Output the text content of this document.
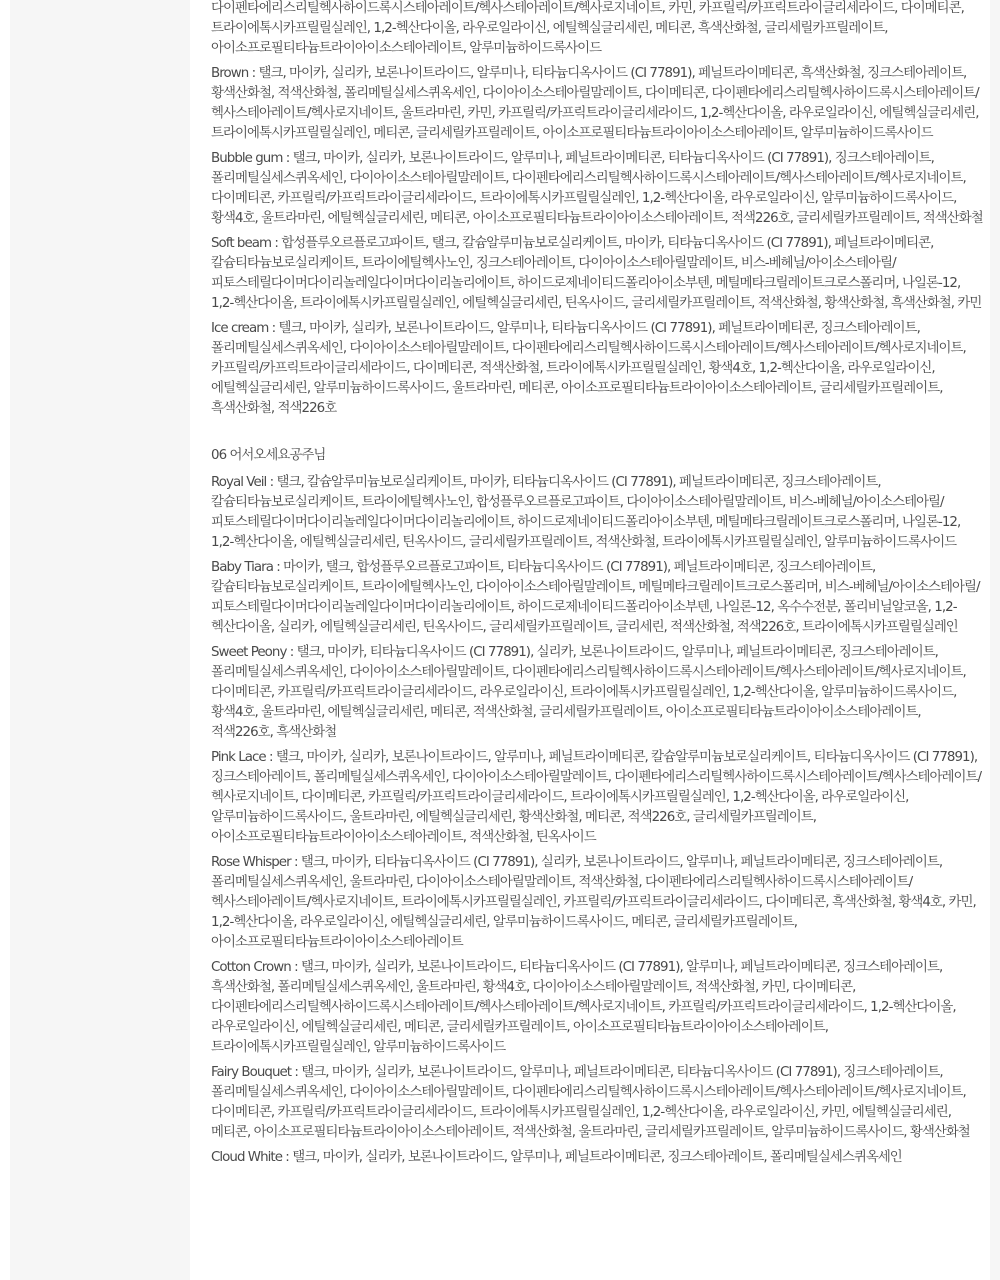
다이펜타에리스리틸헥사하이드록시스테아레이트/헥사스테아레이트/헥사로지네이트, 카민, 카프릴릭/카프릭트라이글리세라이드, 다이메티콘, 트라이에톡시카프릴릴실레인, 1,2-헥산다이올, 라우로일라이신, 에틸헥실글리세린, 메티콘, 흑색산화철, 글리세릴카프릴레이트, 아이소프로필티타늄트라이아이소스테아레이트, 알루미늄하이드록사이드

Brown : 탤크, 마이카, 실리카, 보론나이트라이드, 알루미나, 티타늄디옥사이드 (CI 77891), 페닐트라이메티콘, 흑색산화철, 징크스테아레이트, 황색산화철, 적색산화철, 폴리메틸실세스퀴옥세인, 다이아이소스테아릴말레이트, 다이메티콘, 다이펜타에리스리틸헥사하이드록시스테아레이트/헥사스테아레이트/헥사로지네이트, 울트라마린, 카민, 카프릴릭/카프릭트라이글리세라이드, 1,2-헥산다이올, 라우로일라이신, 에틸헥실글리세린, 트라이에톡시카프릴릴실레인, 메티콘, 글리세릴카프릴레이트, 아이소프로필티타늄트라이아이소스테아레이트, 알루미늄하이드록사이드

Bubble gum : 탤크, 마이카, 실리카, 보론나이트라이드, 알루미나, 페닐트라이메티콘, 티타늄디옥사이드 (CI 77891), 징크스테아레이트, 폴리메틸실세스퀴옥세인, 다이아이소스테아릴말레이트, 다이펜타에리스리틸헥사하이드록시스테아레이트/헥사스테아레이트/헥사로지네이트, 다이메티콘, 카프릴릭/카프릭트라이글리세라이드, 트라이에톡시카프릴릴실레인, 1,2-헥산다이올, 라우로일라이신, 알루미늄하이드록사이드, 황색4호, 울트라마린, 에틸헥실글리세린, 메티콘, 아이소프로필티타늄트라이아이소스테아레이트, 적색226호, 글리세릴카프릴레이트, 적색산화철

Soft beam : 합성플루오르플로고파이트, 탤크, 칼슘알루미늄보로실리케이트, 마이카, 티타늄디옥사이드 (CI 77891), 페닐트라이메티콘, 칼슘티타늄보로실리케이트, 트라이에틸헥사노인, 징크스테아레이트, 다이아이소스테아릴말레이트, 비스-베헤닐/아이소스테아릴/피토스테릴다이머다이리놀레일다이머다이리놀리에이트, 하이드로제네이티드폴리아이소부텐, 메틸메타크릴레이트크로스폴리머, 나일론-12, 1,2-헥산다이올, 트라이에톡시카프릴릴실레인, 에틸헥실글리세린, 틴옥사이드, 글리세릴카프릴레이트, 적색산화철, 황색산화철, 흑색산화철, 카민

Ice cream : 텔크, 마이카, 실리카, 보론나이트라이드, 알루미나, 티타늄디옥사이드 (CI 77891), 페닐트라이메티콘, 징크스테아레이트, 폴리메틸실세스퀴옥세인, 다이아이소스테아릴말레이트, 다이펜타에리스리틸헥사하이드록시스테아레이트/헥사스테아레이트/헥사로지네이트, 카프릴릭/카프릭트라이글리세라이드, 다이메티콘, 적색산화철, 트라이에톡시카프릴릴실레인, 황색4호, 1,2-헥산다이올, 라우로일라이신, 에틸헥실글리세린, 알루미늄하이드록사이드, 울트라마린, 메티콘, 아이소프로필티타늄트라이아이소스테아레이트, 글리세릴카프릴레이트, 흑색산화철, 적색226호

06 어서오세요공주님

Royal Veil : 탤크, 칼슘알루미늄보로실리케이트, 마이카, 티타늄디옥사이드 (CI 77891), 페닐트라이메티콘, 징크스테아레이트, 칼슘티타늄보로실리케이트, 트라이에틸헥사노인, 합성플루오르플로고파이트, 다이아이소스테아릴말레이트, 비스-베헤닐/아이소스테아릴/피토스테릴다이머다이리놀레일다이머다이리놀리에이트, 하이드로제네이티드폴리아이소부텐, 메틸메타크릴레이트크로스폴리머, 나일론-12, 1,2-헥산다이올, 에틸헥실글리세린, 틴옥사이드, 글리세릴카프릴레이트, 적색산화철, 트라이에톡시카프릴릴실레인, 알루미늄하이드록사이드

Baby Tiara : 마이카, 탤크, 합성플루오르플로고파이트, 티타늄디옥사이드 (CI 77891), 페닐트라이메티콘, 징크스테아레이트, 칼슘티타늄보로실리케이트, 트라이에틸헥사노인, 다이아이소스테아릴말레이트, 메틸메타크릴레이트크로스폴리머, 비스-베헤닐/아이소스테아릴/피토스테릴다이머다이리놀레일다이머다이리놀리에이트, 하이드로제네이티드폴리아이소부텐, 나일론-12, 옥수수전분, 폴리비닐알코올, 1,2-헥산다이올, 실리카, 에틸헥실글리세린, 틴옥사이드, 글리세릴카프릴레이트, 글리세린, 적색산화철, 적색226호, 트라이에톡시카프릴릴실레인

Sweet Peony : 탤크, 마이카, 티타늄디옥사이드 (CI 77891), 실리카, 보론나이트라이드, 알루미나, 페닐트라이메티콘, 징크스테아레이트, 폴리메틸실세스퀴옥세인, 다이아이소스테아릴말레이트, 다이펜타에리스리틸헥사하이드록시스테아레이트/헥사스테아레이트/헥사로지네이트, 다이메티콘, 카프릴릭/카프릭트라이글리세라이드, 라우로일라이신, 트라이에톡시카프릴릴실레인, 1,2-헥산다이올, 알루미늄하이드록사이드, 황색4호, 울트라마린, 에틸헥실글리세린, 메티콘, 적색산화철, 글리세릴카프릴레이트, 아이소프로필티타늄트라이아이소스테아레이트, 적색226호, 흑색산화철

Pink Lace : 탤크, 마이카, 실리카, 보론나이트라이드, 알루미나, 페닐트라이메티콘, 칼슘알루미늄보로실리케이트, 티타늄디옥사이드 (CI 77891), 징크스테아레이트, 폴리메틸실세스퀴옥세인, 다이아이소스테아릴말레이트, 다이펜타에리스리틸헥사하이드록시스테아레이트/헥사스테아레이트/헥사로지네이트, 다이메티콘, 카프릴릭/카프릭트라이글리세라이드, 트라이에톡시카프릴릴실레인, 1,2-헥산다이올, 라우로일라이신, 알루미늄하이드록사이드, 울트라마린, 에틸헥실글리세린, 황색산화철, 메티콘, 적색226호, 글리세릴카프릴레이트, 아이소프로필티타늄트라이아이소스테아레이트, 적색산화철, 틴옥사이드

Rose Whisper : 탤크, 마이카, 티타늄디옥사이드 (CI 77891), 실리카, 보론나이트라이드, 알루미나, 페닐트라이메티콘, 징크스테아레이트, 폴리메틸실세스퀴옥세인, 울트라마린, 다이아이소스테아릴말레이트, 적색산화철, 다이펜타에리스리틸헥사하이드록시스테아레이트/헥사스테아레이트/헥사로지네이트, 트라이에톡시카프릴릴실레인, 카프릴릭/카프릭트라이글리세라이드, 다이메티콘, 흑색산화철, 황색4호, 카민, 1,2-헥산다이올, 라우로일라이신, 에틸헥실글리세린, 알루미늄하이드록사이드, 메티콘, 글리세릴카프릴레이트, 아이소프로필티타늄트라이아이소스테아레이트

Cotton Crown : 탤크, 마이카, 실리카, 보론나이트라이드, 티타늄디옥사이드 (CI 77891), 알루미나, 페닐트라이메티콘, 징크스테아레이트, 흑색산화철, 폴리메틸실세스퀴옥세인, 울트라마린, 황색4호, 다이아이소스테아릴말레이트, 적색산화철, 카민, 다이메티콘, 다이펜타에리스리틸헥사하이드록시스테아레이트/헥사스테아레이트/헥사로지네이트, 카프릴릭/카프릭트라이글리세라이드, 1,2-헥산다이올, 라우로일라이신, 에틸헥실글리세린, 메티콘, 글리세릴카프릴레이트, 아이소프로필티타늄트라이아이소스테아레이트, 트라이에톡시카프릴릴실레인, 알루미늄하이드록사이드

Fairy Bouquet : 탤크, 마이카, 실리카, 보론나이트라이드, 알루미나, 페닐트라이메티콘, 티타늄디옥사이드 (CI 77891), 징크스테아레이트, 폴리메틸실세스퀴옥세인, 다이아이소스테아릴말레이트, 다이펜타에리스리틸헥사하이드록시스테아레이트/헥사스테아레이트/헥사로지네이트, 다이메티콘, 카프릴릭/카프릭트라이글리세라이드, 트라이에톡시카프릴릴실레인, 1,2-헥산다이올, 라우로일라이신, 카민, 에틸헥실글리세린, 메티콘, 아이소프로필티타늄트라이아이소스테아레이트, 적색산화철, 울트라마린, 글리세릴카프릴레이트, 알루미늄하이드록사이드, 황색산화철

Cloud White : 탤크, 마이카, 실리카, 보론나이트라이드, 알루미나, 페닐트라이메티콘, 징크스테아레이트, 폴리메틸실세스퀴옥세인
